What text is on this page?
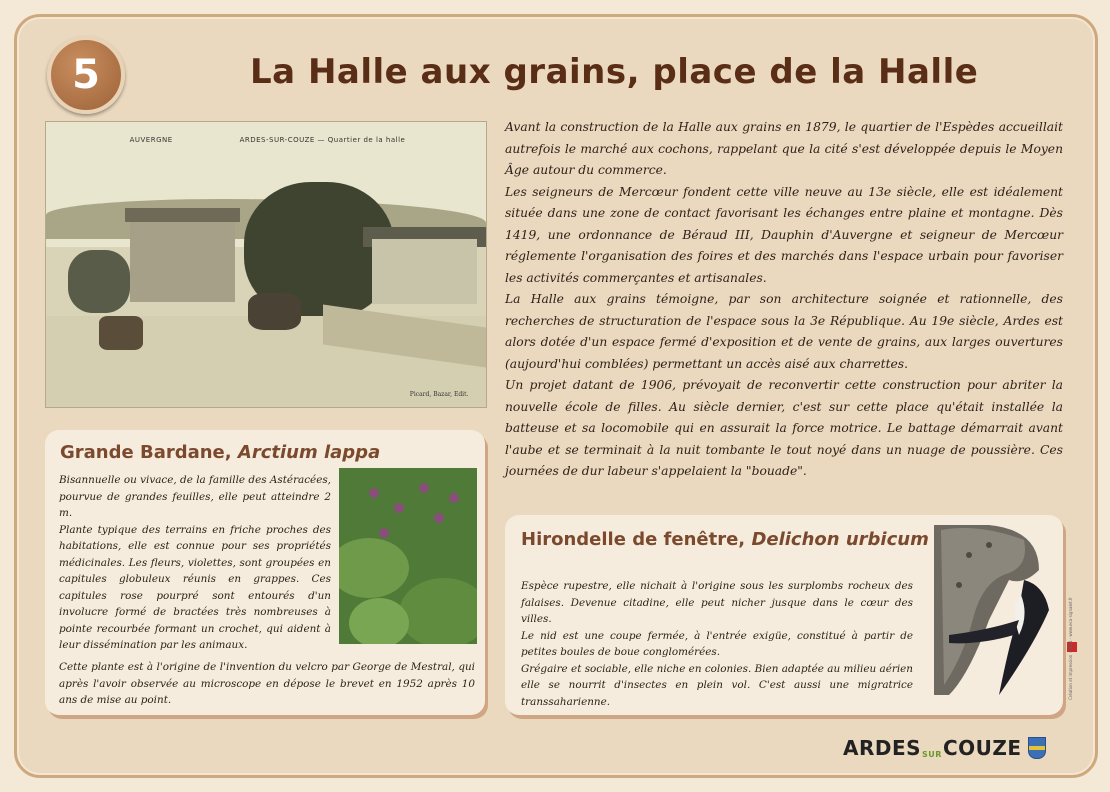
5	La Halle aux grains, place de la Halle
AUVERGNE	ARDES-SUR-COUZE — Quartier de la halle
Picard, Bazar, Edit.

Avant la construction de la Halle aux grains en 1879, le quartier de l'Espèdes accueillait autrefois le marché aux cochons, rappelant que la cité s'est développée depuis le Moyen Âge autour du commerce.

Les seigneurs de Mercœur fondent cette ville neuve au 13e siècle, elle est idéalement située dans une zone de contact favorisant les échanges entre plaine et montagne. Dès 1419, une ordonnance de Béraud III, Dauphin d'Auvergne et seigneur de Mercœur réglemente l'organisation des foires et des marchés dans l'espace urbain pour favoriser les activités commerçantes et artisanales.

La Halle aux grains témoigne, par son architecture soignée et rationnelle, des recherches de structuration de l'espace sous la 3e République. Au 19e siècle, Ardes est alors dotée d'un espace fermé d'exposition et de vente de grains, aux larges ouvertures (aujourd'hui comblées) permettant un accès aisé aux charrettes.

Un projet datant de 1906, prévoyait de reconvertir cette construction pour abriter la nouvelle école de filles. Au siècle dernier, c'est sur cette place qu'était installée la batteuse et sa locomobile qui en assurait la force motrice. Le battage démarrait avant l'aube et se terminait à la nuit tombante le tout noyé dans un nuage de poussière. Ces journées de dur labeur s'appelaient la "bouade".

Grande Bardane, Arctium lappa

Bisannuelle ou vivace, de la famille des Astéracées, pourvue de grandes feuilles, elle peut atteindre 2 m.

Plante typique des terrains en friche proches des habitations, elle est connue pour ses propriétés médicinales. Les fleurs, violettes, sont groupées en capitules globuleux réunis en grappes. Ces capitules rose pourpré sont entourés d'un involucre formé de bractées très nombreuses à pointe recourbée formant un crochet, qui aident à leur dissémination par les animaux.

Cette plante est à l'origine de l'invention du velcro par George de Mestral, qui après l'avoir observée au microscope en dépose le brevet en 1952 après 10 ans de mise au point.

Hirondelle de fenêtre, Delichon urbicum

Espèce rupestre, elle nichait à l'origine sous les surplombs rocheux des falaises. Devenue citadine, elle peut nicher jusque dans le cœur des villes.

Le nid est une coupe fermée, à l'entrée exigüe, constitué à partir de petites boules de boue conglomérées.

Grégaire et sociable, elle niche en colonies. Bien adaptée au milieu aérien elle se nourrit d'insectes en plein vol. C'est aussi une migratrice transsaharienne.

ARDES SUR COUZE
Création et impression : 2024 - www.eco-signalet.fr
